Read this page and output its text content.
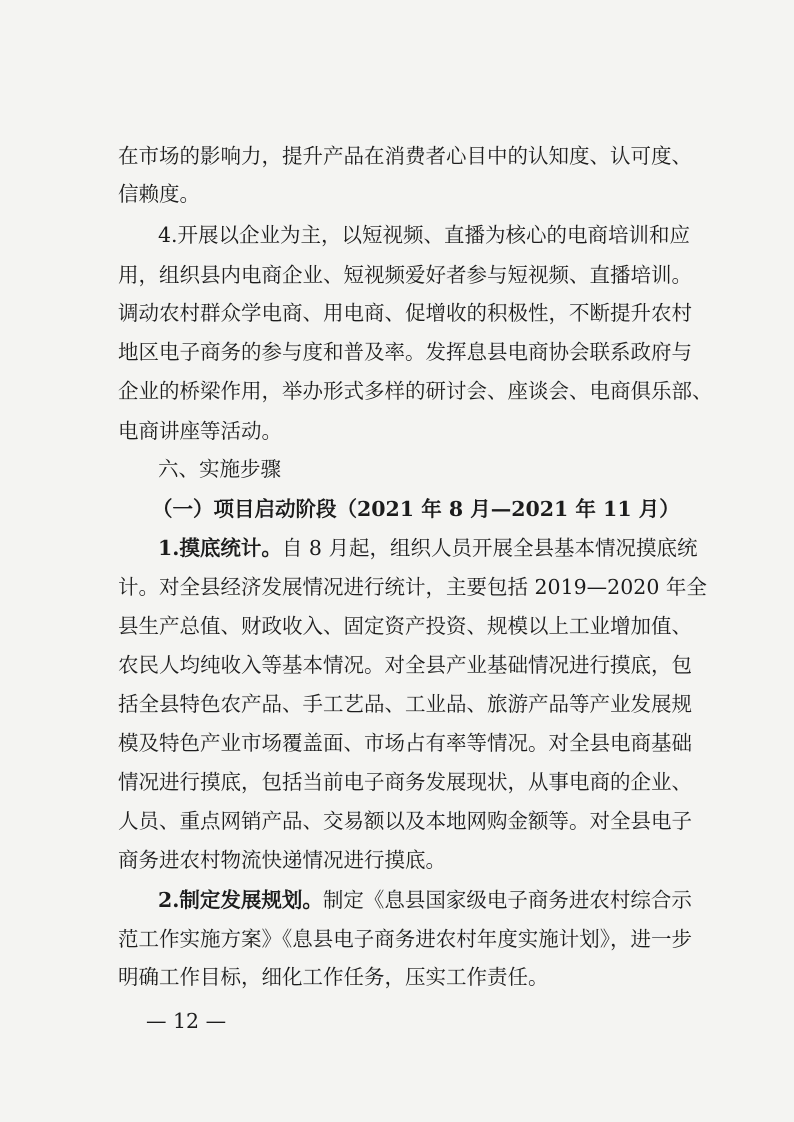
在市场的影响力，提升产品在消费者心目中的认知度、认可度、
信赖度。
4.开展以企业为主，以短视频、直播为核心的电商培训和应
用，组织县内电商企业、短视频爱好者参与短视频、直播培训。
调动农村群众学电商、用电商、促增收的积极性，不断提升农村
地区电子商务的参与度和普及率。发挥息县电商协会联系政府与
企业的桥梁作用，举办形式多样的研讨会、座谈会、电商俱乐部、
电商讲座等活动。
六、实施步骤
（一）项目启动阶段（2021 年 8 月—2021 年 11 月）
1.摸底统计。自 8 月起，组织人员开展全县基本情况摸底统
计。对全县经济发展情况进行统计，主要包括 2019—2020 年全
县生产总值、财政收入、固定资产投资、规模以上工业增加值、
农民人均纯收入等基本情况。对全县产业基础情况进行摸底，包
括全县特色农产品、手工艺品、工业品、旅游产品等产业发展规
模及特色产业市场覆盖面、市场占有率等情况。对全县电商基础
情况进行摸底，包括当前电子商务发展现状，从事电商的企业、
人员、重点网销产品、交易额以及本地网购金额等。对全县电子
商务进农村物流快递情况进行摸底。
2.制定发展规划。制定《息县国家级电子商务进农村综合示
范工作实施方案》《息县电子商务进农村年度实施计划》，进一步
明确工作目标，细化工作任务，压实工作责任。
— 12 —
